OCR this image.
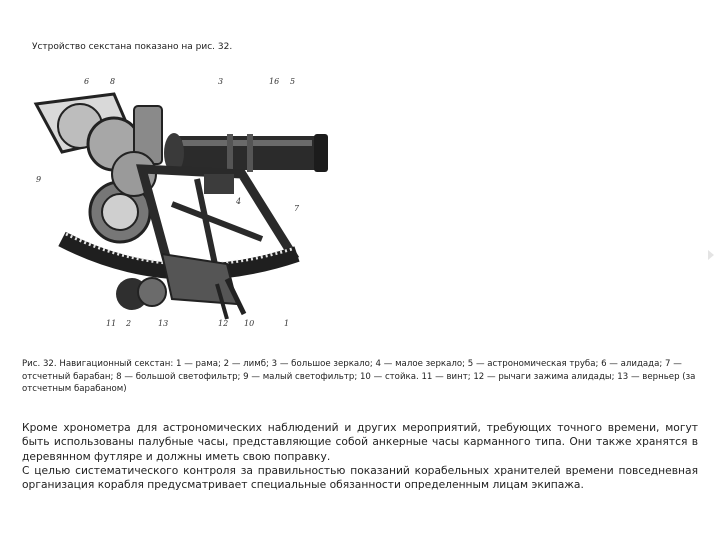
Устройство секстана показано на рис. 32.
6	8	3	16 5
9
4
7
11 2	13	12 10	1
Рис. 32. Навигационный секстан: 1 — рама; 2 — лимб; 3 — большое зеркало; 4 — малое зеркало; 5 — астрономическая труба; 6 — алидада; 7 — отсчетный барабан; 8 — большой светофильтр; 9 — малый светофильтр; 10 — стойка. 11 — винт; 12 — рычаги зажима алидады; 13 — верньер (за отсчетным барабаном)

Кроме хронометра для астрономических наблюдений и других мероприятий, требующих точного времени, могут быть использованы палубные часы, представляющие собой анкерные часы карманного типа. Они также хранятся в деревянном футляре и должны иметь свою поправку.

С целью систематического контроля за правильностью показаний корабельных хранителей времени повседневная организация корабля предусматривает специальные обязанности определенным лицам экипажа.
